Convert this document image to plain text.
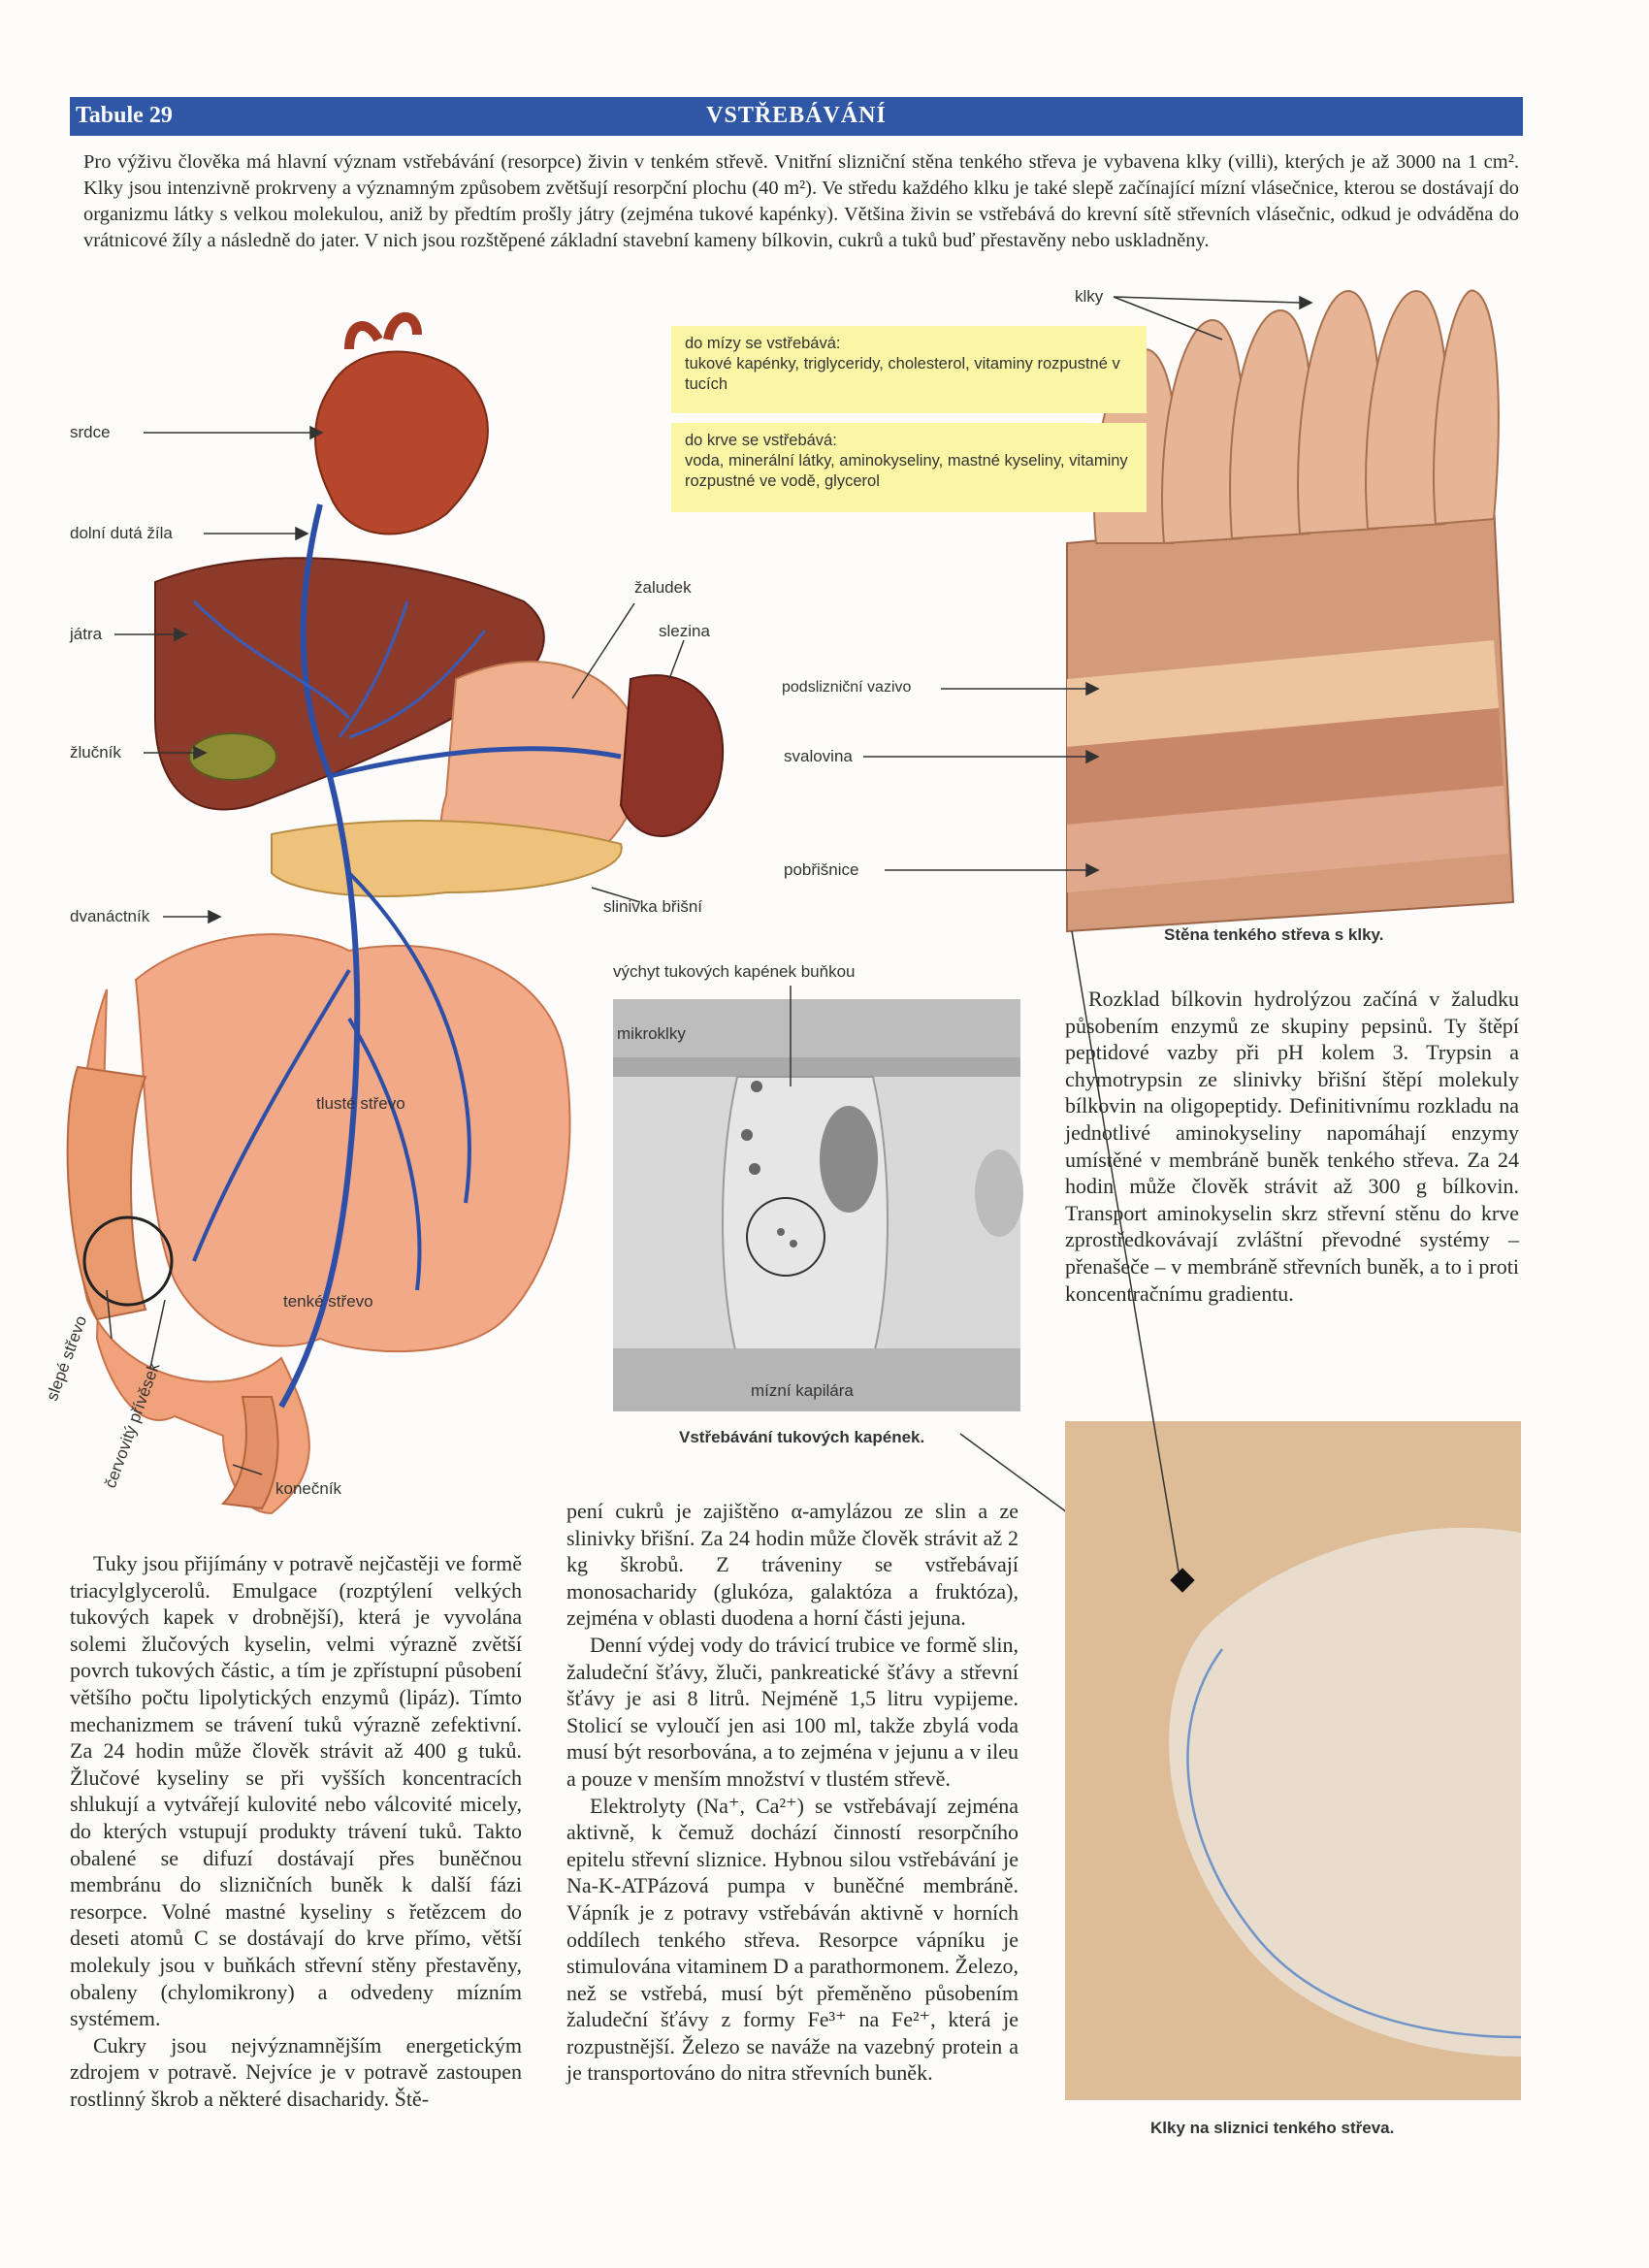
Tabule 29	VSTŘEBÁVÁNÍ
Pro výživu člověka má hlavní význam vstřebávání (resorpce) živin v tenkém střevě. Vnitřní slizniční stěna tenkého střeva je vybavena klky (villi), kterých je až 3000 na 1 cm². Klky jsou intenzivně prokrveny a významným způsobem zvětšují resorpční plochu (40 m²). Ve středu každého klku je také slepě začínající mízní vlásečnice, kterou se dostávají do organizmu látky s velkou molekulou, aniž by předtím prošly játry (zejména tukové kapénky). Většina živin se vstřebává do krevní sítě střevních vlásečnic, odkud je odváděna do vrátnicové žíly a následně do jater. V nich jsou rozštěpené základní stavební kameny bílkovin, cukrů a tuků buď přestavěny nebo uskladněny.

do mízy se vstřebává:

tukové kapénky, triglyceridy, cholesterol, vitaminy rozpustné v tucích

do krve se vstřebává:

voda, minerální látky, aminokyseliny, mastné kyseliny, vitaminy rozpustné ve vodě, glycerol

srdce
dolní dutá žíla
játra
žlučník
dvanáctník
žaludek
slezina
slinivka břišní
tlusté střevo
tenké střevo
slepé střevo
červovitý přívěsek	konečník
klky
podslizniční vazivo
svalovina
pobřišnice
Stěna tenkého střeva s klky.
výchyt tukových kapének buňkou
mikroklky
mízní kapilára
Vstřebávání tukových kapének.
Klky na sliznici tenkého střeva.

Rozklad bílkovin hydrolýzou začíná v žaludku působením enzymů ze skupiny pepsinů. Ty štěpí peptidové vazby při pH kolem 3. Trypsin a chymotrypsin ze slinivky břišní štěpí molekuly bílkovin na oligopeptidy. Definitivnímu rozkladu na jednotlivé aminokyseliny napomáhají enzymy umístěné v membráně buněk tenkého střeva. Za 24 hodin může člověk strávit až 300 g bílkovin. Transport aminokyselin skrz střevní stěnu do krve zprostředkovávají zvláštní převodné systémy – přenašeče – v membráně střevních buněk, a to i proti koncentračnímu gradientu.

Tuky jsou přijímány v potravě nejčastěji ve formě triacylglycerolů. Emulgace (rozptýlení velkých tukových kapek v drobnější), která je vyvolána solemi žlučových kyselin, velmi výrazně zvětší povrch tukových částic, a tím je zpřístupní působení většího počtu lipolytických enzymů (lipáz). Tímto mechanizmem se trávení tuků výrazně zefektivní. Za 24 hodin může člověk strávit až 400 g tuků. Žlučové kyseliny se při vyšších koncentracích shlukují a vytvářejí kulovité nebo válcovité micely, do kterých vstupují produkty trávení tuků. Takto obalené se difuzí dostávají přes buněčnou membránu do slizničních buněk k další fázi resorpce. Volné mastné kyseliny s řetězcem do deseti atomů C se dostávají do krve přímo, větší molekuly jsou v buňkách střevní stěny přestavěny, obaleny (chylomikrony) a odvedeny mízním systémem.

Cukry jsou nejvýznamnějším energetickým zdrojem v potravě. Nejvíce je v potravě zastoupen rostlinný škrob a některé disacharidy. Ště-

pení cukrů je zajištěno α-amylázou ze slin a ze slinivky břišní. Za 24 hodin může člověk strávit až 2 kg škrobů. Z tráveniny se vstřebávají monosacharidy (glukóza, galaktóza a fruktóza), zejména v oblasti duodena a horní části jejuna.

Denní výdej vody do trávicí trubice ve formě slin, žaludeční šťávy, žluči, pankreatické šťávy a střevní šťávy je asi 8 litrů. Nejméně 1,5 litru vypijeme. Stolicí se vyloučí jen asi 100 ml, takže zbylá voda musí být resorbována, a to zejména v jejunu a v ileu a pouze v menším množství v tlustém střevě.

Elektrolyty (Na⁺, Ca²⁺) se vstřebávají zejména aktivně, k čemuž dochází činností resorpčního epitelu střevní sliznice. Hybnou silou vstřebávání je Na-K-ATPázová pumpa v buněčné membráně. Vápník je z potravy vstřebáván aktivně v horních oddílech tenkého střeva. Resorpce vápníku je stimulována vitaminem D a parathormonem. Železo, než se vstřebá, musí být přeměněno působením žaludeční šťávy z formy Fe³⁺ na Fe²⁺, která je rozpustnější. Železo se naváže na vazebný protein a je transportováno do nitra střevních buněk.
